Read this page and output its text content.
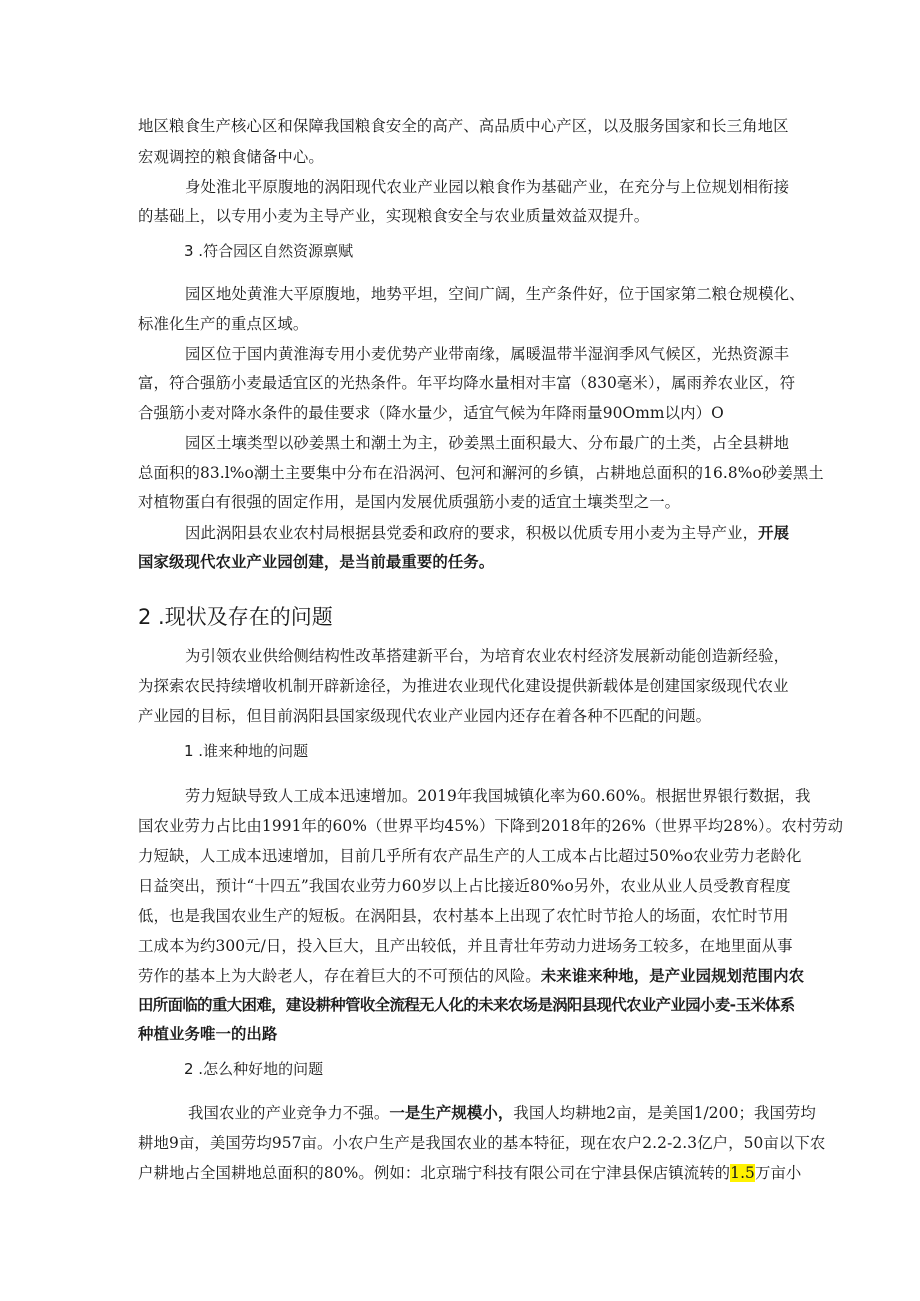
地区粮食生产核心区和保障我国粮食安全的高产、高品质中心产区，以及服务国家和长三角地区
宏观调控的粮食储备中心。
身处淮北平原腹地的涡阳现代农业产业园以粮食作为基础产业，在充分与上位规划相衔接
的基础上，以专用小麦为主导产业，实现粮食安全与农业质量效益双提升。
3 .符合园区自然资源禀赋
园区地处黄淮大平原腹地，地势平坦，空间广阔，生产条件好，位于国家第二粮仓规模化、
标准化生产的重点区域。
园区位于国内黄淮海专用小麦优势产业带南缘，属暖温带半湿润季风气候区，光热资源丰
富，符合强筋小麦最适宜区的光热条件。年平均降水量相对丰富（830毫米），属雨养农业区，符
合强筋小麦对降水条件的最佳要求（降水量少，适宜气候为年降雨量90Omm以内）O
园区土壤类型以砂姜黑土和潮土为主，砂姜黑土面积最大、分布最广的土类，占全县耕地
总面积的83.l%o潮土主要集中分布在沿涡河、包河和澥河的乡镇，占耕地总面积的16.8%o砂姜黑土
对植物蛋白有很强的固定作用，是国内发展优质强筋小麦的适宜土壤类型之一。
因此涡阳县农业农村局根据县党委和政府的要求，积极以优质专用小麦为主导产业，开展
国家级现代农业产业园创建，是当前最重要的任务。
2 .现状及存在的问题
为引领农业供给侧结构性改革搭建新平台，为培育农业农村经济发展新动能创造新经验，
为探索农民持续增收机制开辟新途径，为推进农业现代化建设提供新载体是创建国家级现代农业
产业园的目标，但目前涡阳县国家级现代农业产业园内还存在着各种不匹配的问题。
1 .谁来种地的问题
劳力短缺导致人工成本迅速增加。2019年我国城镇化率为60.60%。根据世界银行数据，我
国农业劳力占比由1991年的60%（世界平均45%）下降到2018年的26%（世界平均28%）。农村劳动
力短缺，人工成本迅速增加，目前几乎所有农产品生产的人工成本占比超过50%o农业劳力老龄化
日益突出，预计“十四五”我国农业劳力60岁以上占比接近80%o另外，农业从业人员受教育程度
低，也是我国农业生产的短板。在涡阳县，农村基本上出现了农忙时节抢人的场面，农忙时节用
工成本为约300元/日，投入巨大，且产出较低，并且青壮年劳动力进场务工较多，在地里面从事
劳作的基本上为大龄老人，存在着巨大的不可预估的风险。未来谁来种地，是产业园规划范围内农
田所面临的重大困难，建设耕种管收全流程无人化的未来农场是涡阳县现代农业产业园小麦-玉米体系
种植业务唯一的出路
2 .怎么种好地的问题
我国农业的产业竞争力不强。一是生产规模小，我国人均耕地2亩，是美国1/200；我国劳均
耕地9亩，美国劳均957亩。小农户生产是我国农业的基本特征，现在农户2.2-2.3亿户，50亩以下农
户耕地占全国耕地总面积的80%。例如：北京瑞宁科技有限公司在宁津县保店镇流转的1.5万亩小
